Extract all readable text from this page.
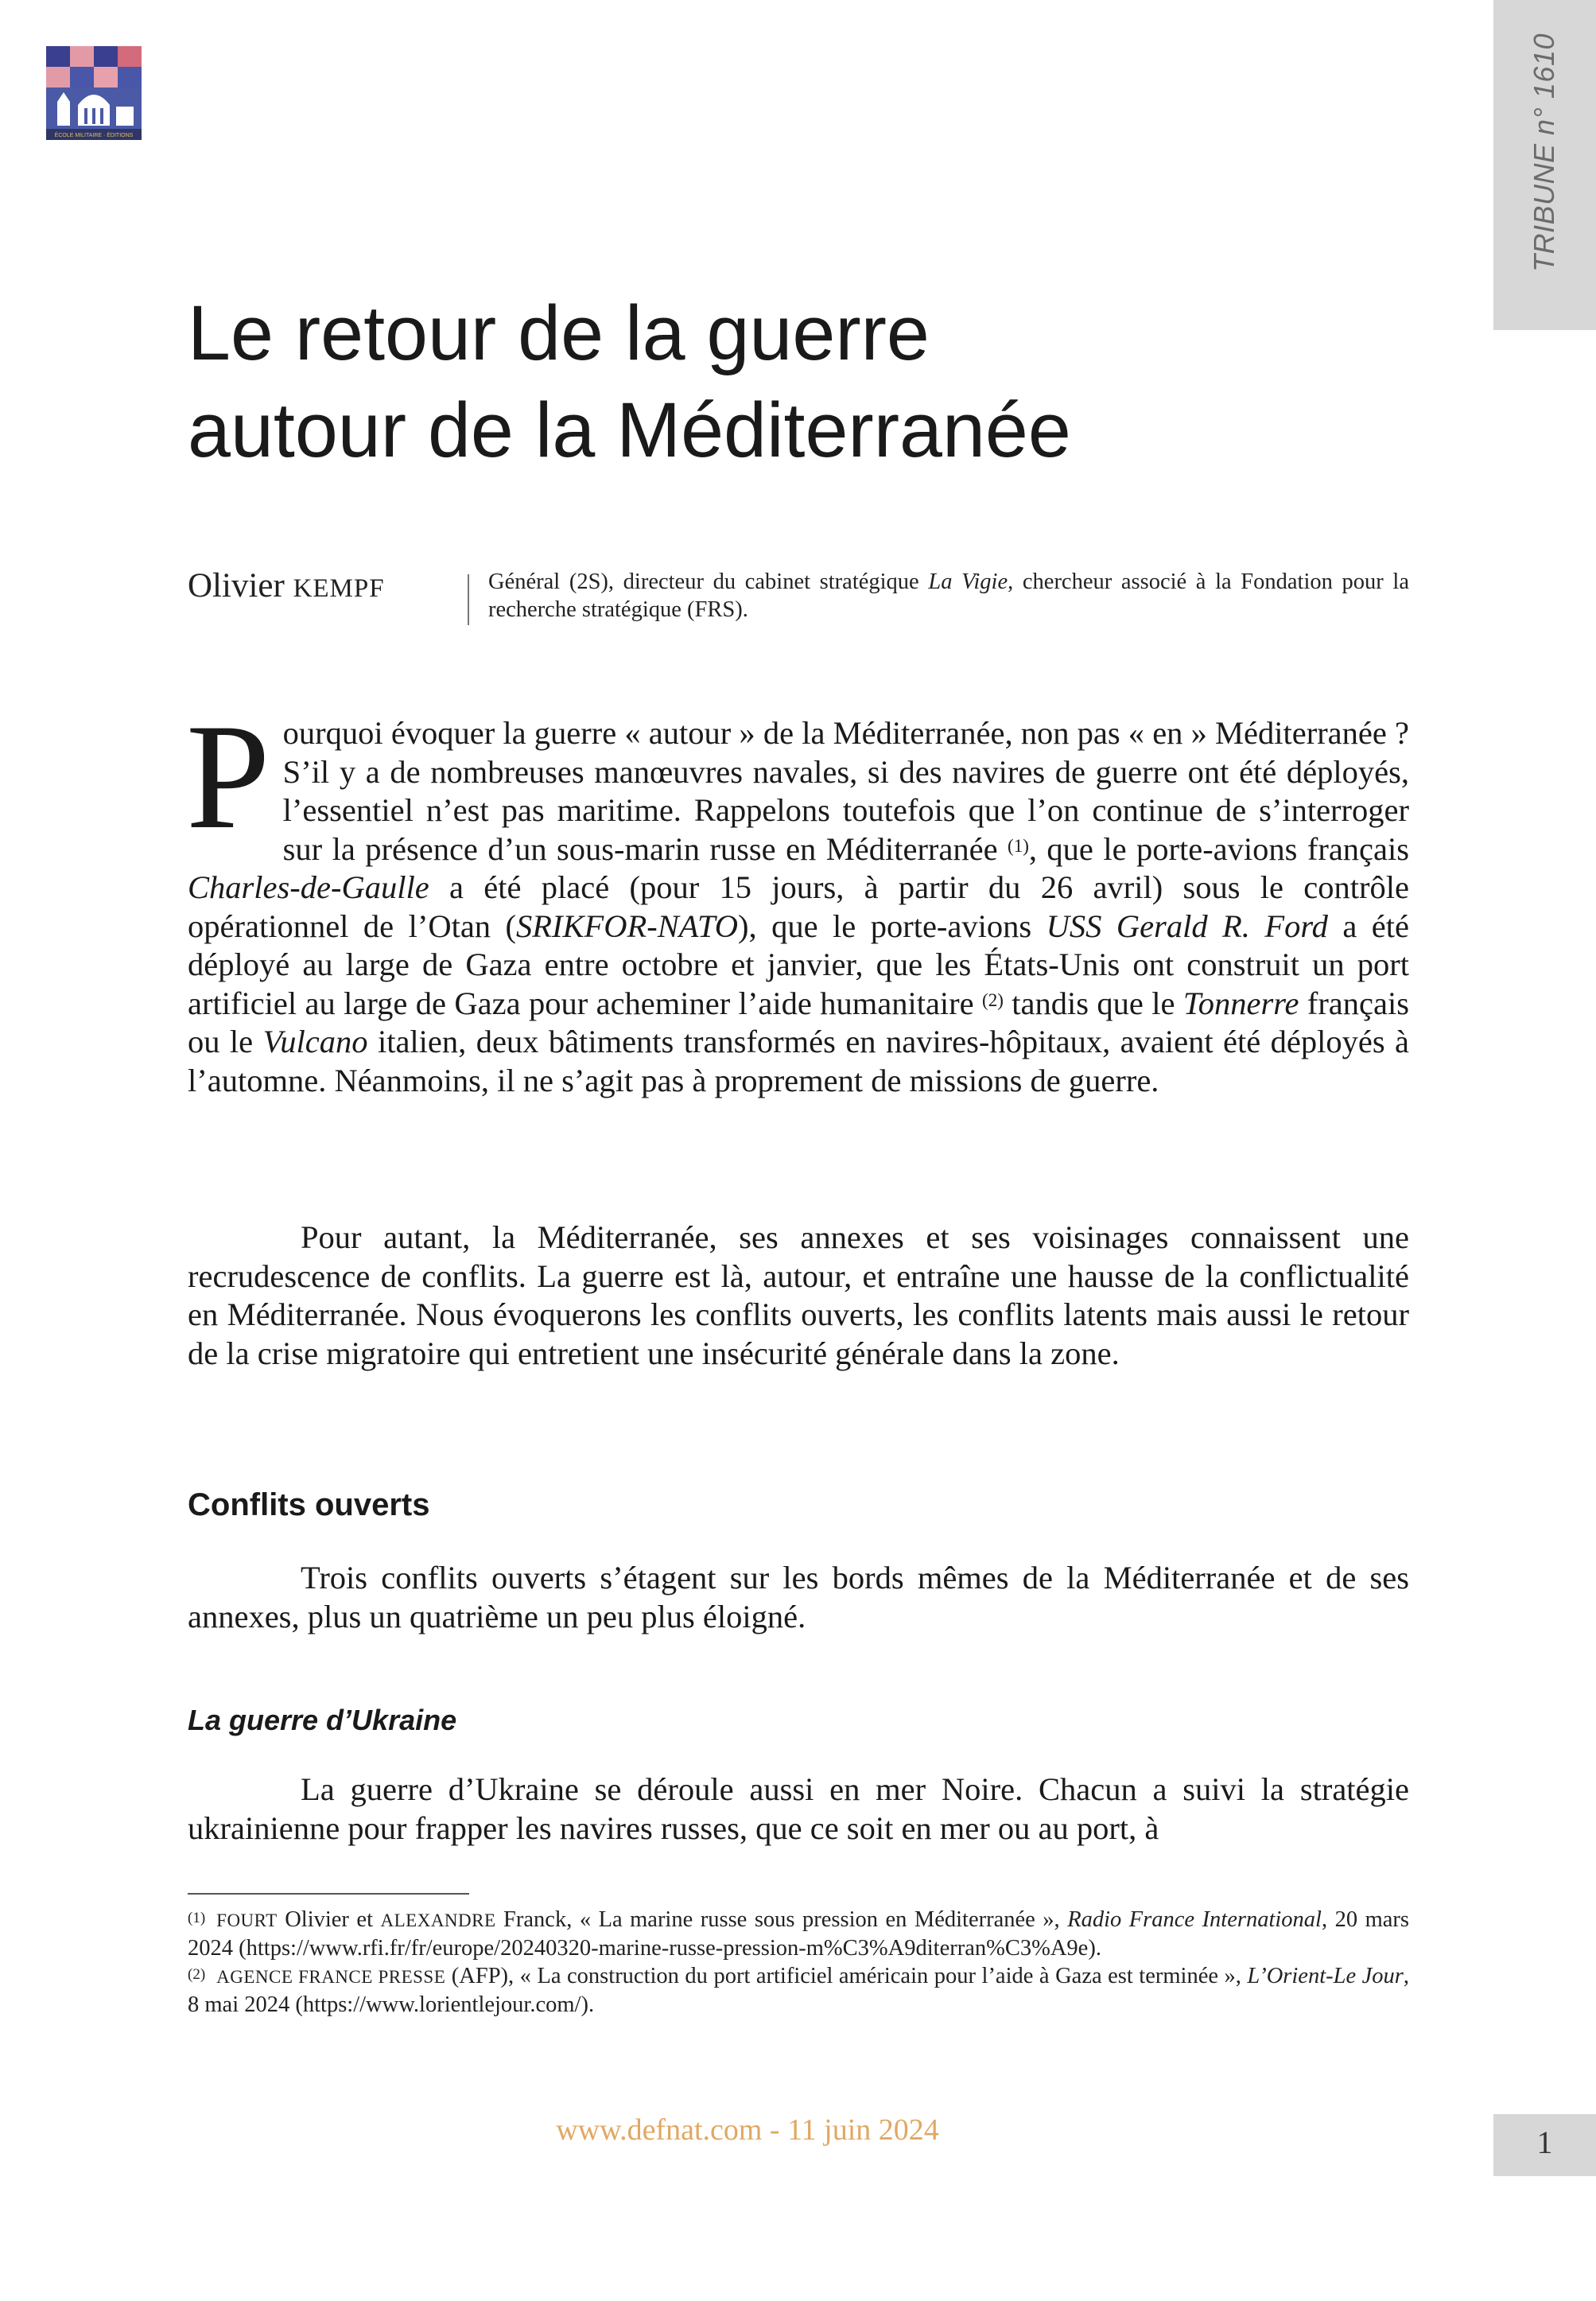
ÉCOLE MILITAIRE · ÉDITIONS	TRIBUNE n° 1610
Le retour de la guerre
autour de la Méditerranée
Olivier KEMPF	Général (2S), directeur du cabinet stratégique La Vigie, chercheur associé à la Fondation pour la recherche stratégique (FRS).
Pourquoi évoquer la guerre « autour » de la Méditerranée, non pas « en » Méditerranée ? S’il y a de nombreuses manœuvres navales, si des navires de guerre ont été déployés, l’essentiel n’est pas maritime. Rappelons toutefois que l’on continue de s’interroger sur la présence d’un sous-marin russe en Méditerranée $^{(1)}$, que le porte-avions français Charles-de-Gaulle a été placé (pour 15 jours, à partir du 26 avril) sous le contrôle opérationnel de l’Otan (SRIKFOR-NATO), que le porte-avions USS Gerald R. Ford a été déployé au large de Gaza entre octobre et janvier, que les États-Unis ont construit un port artificiel au large de Gaza pour acheminer l’aide humanitaire $^{(2)}$ tandis que le Tonnerre français ou le Vulcano italien, deux bâtiments transformés en navires-hôpitaux, avaient été déployés à l’automne. Néanmoins, il ne s’agit pas à proprement de missions de guerre.
Pour autant, la Méditerranée, ses annexes et ses voisinages connaissent une recrudescence de conflits. La guerre est là, autour, et entraîne une hausse de la conflictualité en Méditerranée. Nous évoquerons les conflits ouverts, les conflits latents mais aussi le retour de la crise migratoire qui entretient une insécurité générale dans la zone.
Conflits ouverts
Trois conflits ouverts s’étagent sur les bords mêmes de la Méditerranée et de ses annexes, plus un quatrième un peu plus éloigné.
La guerre d’Ukraine
La guerre d’Ukraine se déroule aussi en mer Noire. Chacun a suivi la stratégie ukrainienne pour frapper les navires russes, que ce soit en mer ou au port, à

$^{(1)}$ FOURT Olivier et ALEXANDRE Franck, « La marine russe sous pression en Méditerranée », Radio France International, 20 mars 2024 (https://www.rfi.fr/fr/europe/20240320-marine-russe-pression-m%C3%A9diterran%C3%A9e).

$^{(2)}$ AGENCE FRANCE PRESSE (AFP), « La construction du port artificiel américain pour l’aide à Gaza est terminée », L’Orient-Le Jour, 8 mai 2024 (https://www.lorientlejour.com/).

www.defnat.com - 11 juin 2024	1
